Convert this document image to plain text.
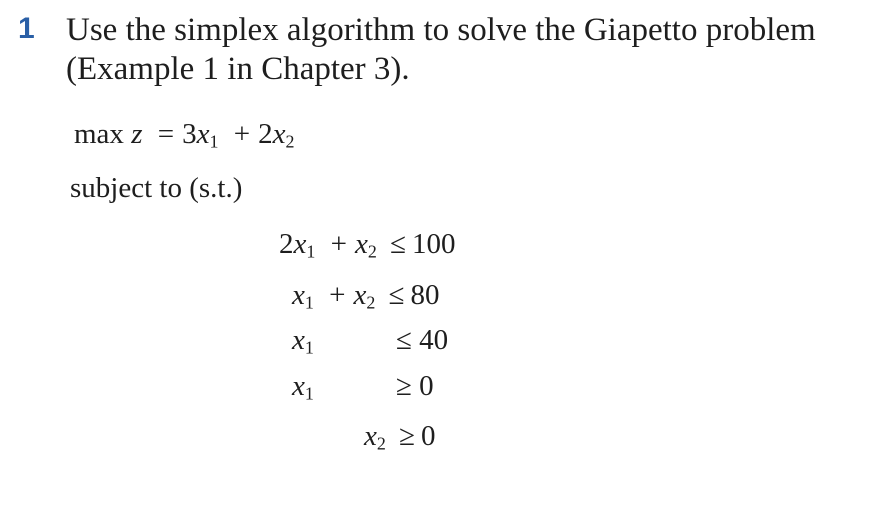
1 Use the simplex algorithm to solve the Giapetto problem
(Example 1 in Chapter 3).

$\max z = 3x_1 + 2x_2$
subject to (s.t.)
$2x_1 + x_2 \le 100$
$x_1 + x_2 \le 80$
$x_1$	≤ 40
$x_1$	≥ 0
$x_2 \ge 0$
